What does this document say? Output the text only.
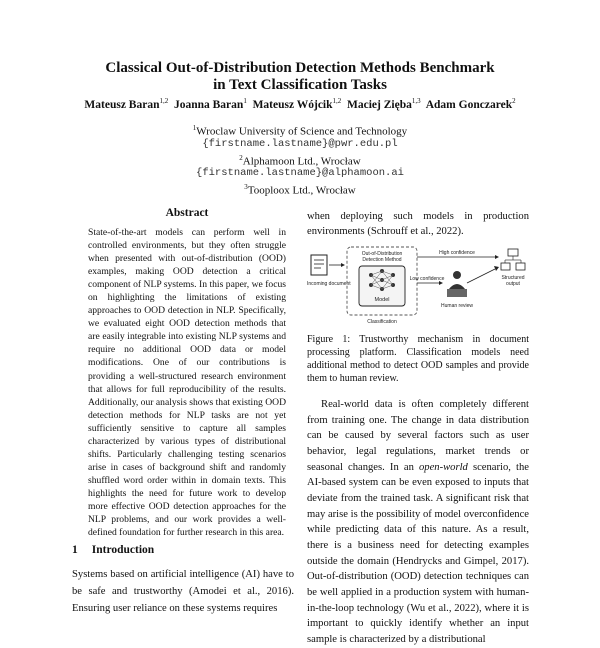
Classical Out-of-Distribution Detection Methods Benchmark
in Text Classification Tasks
Mateusz Baran$^{1,2}$ Joanna Baran$^1$ Mateusz Wójcik$^{1,2}$ Maciej Zięba$^{1,3}$ Adam Gonczarek$^2$
$^1$Wroclaw University of Science and Technology
{firstname.lastname}@pwr.edu.pl
$^2$Alphamoon Ltd., Wrocław
{firstname.lastname}@alphamoon.ai
$^3$Tooploox Ltd., Wrocław
Abstract
State-of-the-art models can perform well in controlled environments, but they often struggle when presented with out-of-distribution (OOD) examples, making OOD detection a critical component of NLP systems. In this paper, we focus on highlighting the limitations of existing approaches to OOD detection in NLP. Specifically, we evaluated eight OOD detection methods that are easily integrable into existing NLP systems and require no additional OOD data or model modifications. One of our contributions is providing a well-structured research environment that allows for full reproducibility of the results. Additionally, our analysis shows that existing OOD detection methods for NLP tasks are not yet sufficiently sensitive to capture all samples characterized by various types of distributional shifts. Particularly challenging testing scenarios arise in cases of background shift and randomly shuffled word order within in domain texts. This highlights the need for future work to develop more effective OOD detection approaches for the NLP problems, and our work provides a well-defined foundation for further research in this area.
1 Introduction
Systems based on artificial intelligence (AI) have to be safe and trustworthy (Amodei et al., 2016). Ensuring user reliance on these systems requires
when deploying such models in production environments (Schrouff et al., 2022).
Incoming document
Out-of-Distribution
Detection Method
Model
Classification
High confidence
Low confidence
Human review
Structured
output
Figure 1: Trustworthy mechanism in document processing platform. Classification models need additional method to detect OOD samples and provide them to human review.

Real-world data is often completely different from training one. The change in data distribution can be caused by several factors such as user behavior, legal regulations, market trends or seasonal changes. In an open-world scenario, the AI-based system can be even exposed to inputs that deviate from the trained task. A significant risk that may arise is the possibility of model overconfidence while predicting data of this nature. As a result, there is a business need for detecting examples outside the domain (Hendrycks and Gimpel, 2017). Out-of-distribution (OOD) detection techniques can be well applied in a production system with human-in-the-loop technology (Wu et al., 2022), where it is important to quickly identify whether an input sample is characterized by a distributional
